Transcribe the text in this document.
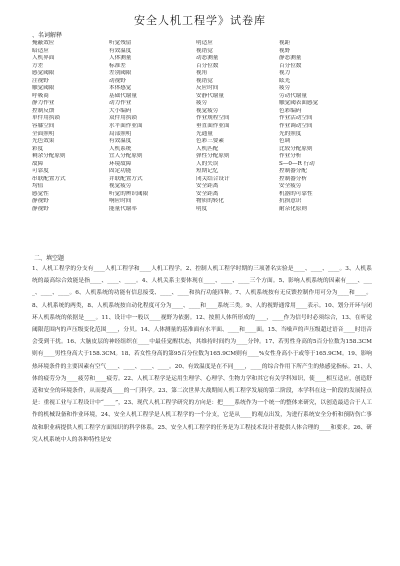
安全人机工程学》试卷库
、名词解释
掩蔽效应	听觉残留	明适应	视距
暗适应	有效温度	视错觉	视野
人机界面	人体测量	动态测量	静态测量
方差	标准差	百分位数	百分位数
感觉阈限	差别阈限	视角	视力
注视野	动视野	视错觉	眩光
触觉阈限	本体感觉	反应时间	疲劳
呼吸商	基础代谢量	安静代谢量	劳动代谢量
静力作业	动力作业	疲劳	触觉阈表面感觉
控制反馈	大小编码	视觉疲劳	色彩编码
单件用执锁	双件用执锁	作业规程空间	作业活动空间
容膝空间	水平面作业面	垂直面作业面	作业调动空间
全面照明	局部照明	光通量	光的照度
光色效果	有效温度	色彩三要素	色调
彩度	人机系统	人机匹配	比较分配原则
剩余分配原则	宜人分配原则	弹性分配原则	作业分析
故障	环境故障	人的失误	S—0—R 行动
可靠度	固定功能	短期记忆	控制器分配
串联配置方式	并联配置方式	闭关结合设计	控制器分析
均值	视觉疲劳	安全距离	安全疲劳
感觉性	听觉的辨识阈限	安全距离	机器的可靠性
静视野	响应时间	物质的转化	抗损意识
静视野	能量代谢率	明度	耐杂化原则
二、填空题
1、人机工程学的分支有____人机工程学和____人机工程学。2、控制人机工程学时期的三项著名实验是____、____、____。3、人机系统的最高综合效能是指____、____、____。4、人机关系主要体现在____、____、____三个方面。5、影响人机系统的因素有____、____、____、____。6、人机系统的功能有信息接受、____、____和执行功能四种。7、人机系统按有无反馈控制作用可分为____和____。8、人机系统的两类，8、人机系统按自动化程度可分为____、____和____系统三类。9、人的视野通常用____表示。10、划分开环与闭环人机系统的依据是____。11、设计中一般以____视野为依据。12、按照人体所形成的____，____作为信号时必须综合，13、在听觉阈限范围内的声压级变化范围____，分贝。14、人体测量的基准面有水平面、____和____面。15、当噪声的声压级超过语音____时语音会受到干扰。16、大脑皮层的神经组织在____中最佳觉醒状态，其维持时间约为____分钟。17、若男性身高的5百分位数为158.3CM则有____男性身高大于158.3CM。18、若女性身高的第95百分位数为165.9CM则有____%女性身高小于或等于165.9CM。19、影响热环境条件的主要因素有空气____、____、____、____。20、有效温度是在不同____，____的综合作用下所产生的热感觉指标。21、人体的疲劳分为____疲劳和____疲劳。22、人机工程学是运用生理学、心理学、生物力学和其它有关学科知识，使____相互适应，创造舒适和安全的环境条件，从而提高____的一门科学。23、第二次世界大战期间人机工程学发展的第二阶段，本学科在这一阶段的发展特点是：重视工业与工程设计中“____”，23、现代人机工程学研究的方向是：把____系统作为一个统一的整体来研究，以创造最适合于人工作的机械设备和作业环境，24、安全人机工程学是人机工程学的一个分支，它是从____的观点出发，为进行系统安全分析和预防伤亡事故和职业病提供人机工程学方面知识的科学体系。25、安全人机工程学的任务是为工程技术设计者提供人体合理的____和要求。26、研究人机系统中人的各种特性是安
